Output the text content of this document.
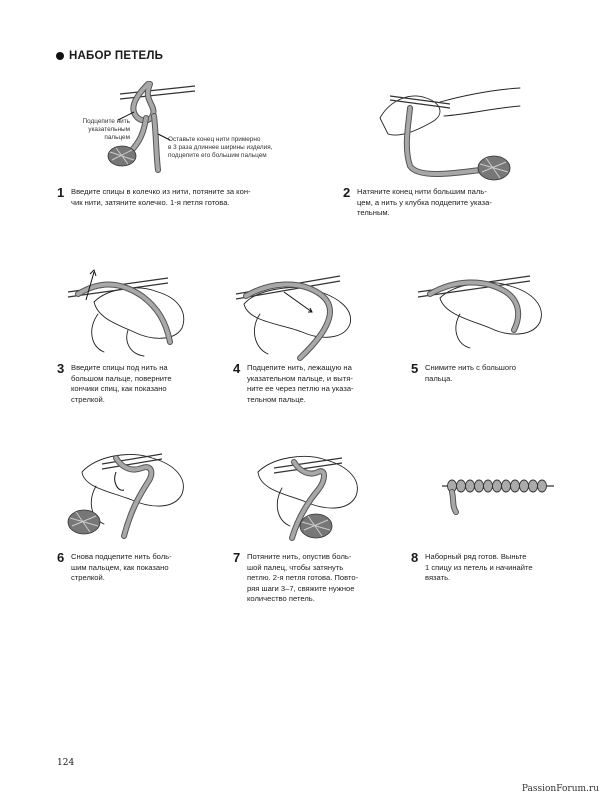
НАБОР ПЕТЕЛЬ
Подцепите нить
указательным
пальцем	Оставьте конец нити примерно
в 3 раза длиннее ширины изделия,
подцепите его большим пальцем
1 Введите спицы в колечко из нити, потяните за кон-
чик нити, затяните колечко. 1-я петля готова.
2 Натяните конец нити большим паль-
цем, а нить у клубка подцепите указа-
тельным.
3 Введите спицы под нить на
большом пальце, поверните
кончики спиц, как показано
стрелкой.
4 Подцепите нить, лежащую на
указательном пальце, и вытя-
ните ее через петлю на указа-
тельном пальце.
5 Снимите нить с большого
пальца.
6 Снова подцепите нить боль-
шим пальцем, как показано
стрелкой.
7 Потяните нить, опустив боль-
шой палец, чтобы затянуть
петлю. 2-я петля готова. Повто-
ряя шаги 3–7, свяжите нужное
количество петель.
8 Наборный ряд готов. Выньте
1 спицу из петель и начинайте
вязать.
124
PassionForum.ru
